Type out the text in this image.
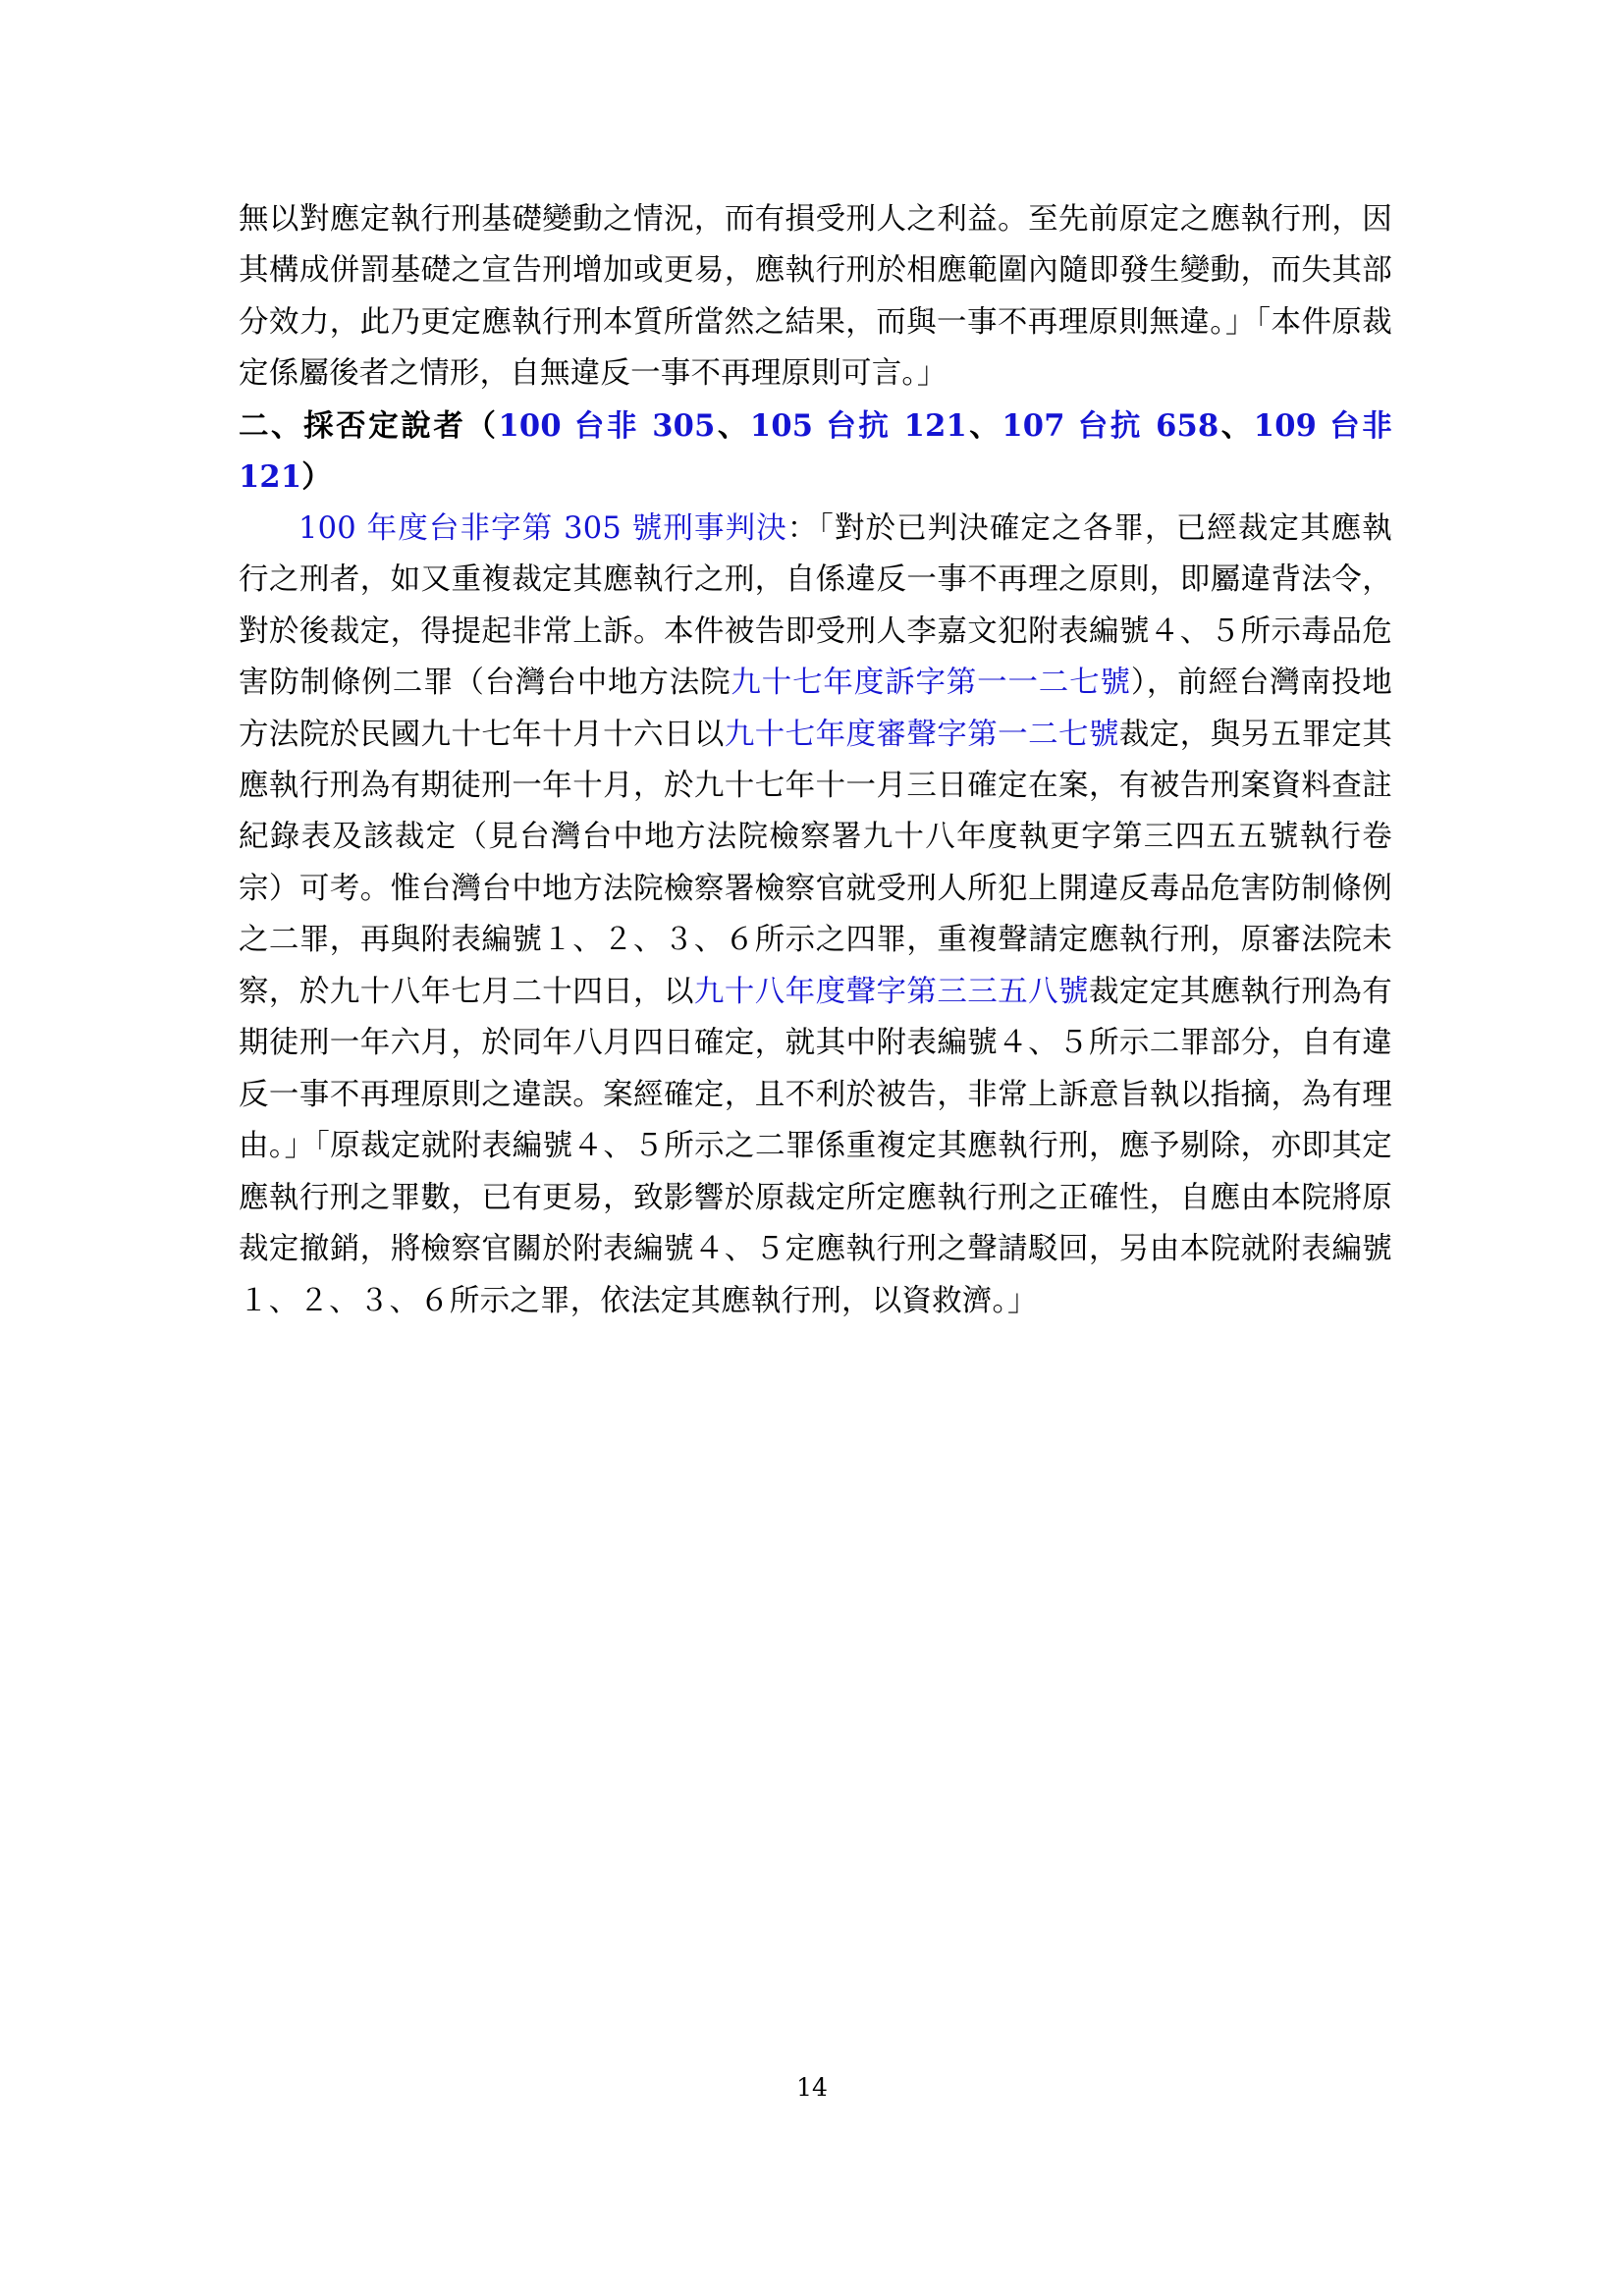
無以對應定執行刑基礎變動之情況，而有損受刑人之利益。至先前原定之應執行刑，因其構成併罰基礎之宣告刑增加或更易，應執行刑於相應範圍內隨即發生變動，而失其部分效力，此乃更定應執行刑本質所當然之結果，而與一事不再理原則無違。」「本件原裁定係屬後者之情形，自無違反一事不再理原則可言。」

二、採否定說者（100 台非 305、105 台抗 121、107 台抗 658、109 台非 121）

100 年度台非字第 305 號刑事判決：「對於已判決確定之各罪，已經裁定其應執行之刑者，如又重複裁定其應執行之刑，自係違反一事不再理之原則，即屬違背法令，對於後裁定，得提起非常上訴。本件被告即受刑人李嘉文犯附表編號４、５所示毒品危害防制條例二罪（台灣台中地方法院九十七年度訴字第一一二七號），前經台灣南投地方法院於民國九十七年十月十六日以九十七年度審聲字第一二七號裁定，與另五罪定其應執行刑為有期徒刑一年十月，於九十七年十一月三日確定在案，有被告刑案資料查註紀錄表及該裁定（見台灣台中地方法院檢察署九十八年度執更字第三四五五號執行卷宗）可考。惟台灣台中地方法院檢察署檢察官就受刑人所犯上開違反毒品危害防制條例之二罪，再與附表編號１、２、３、６所示之四罪，重複聲請定應執行刑，原審法院未察，於九十八年七月二十四日，以九十八年度聲字第三三五八號裁定定其應執行刑為有期徒刑一年六月，於同年八月四日確定，就其中附表編號４、５所示二罪部分，自有違反一事不再理原則之違誤。案經確定，且不利於被告，非常上訴意旨執以指摘，為有理由。」「原裁定就附表編號４、５所示之二罪係重複定其應執行刑，應予剔除，亦即其定應執行刑之罪數，已有更易，致影響於原裁定所定應執行刑之正確性，自應由本院將原裁定撤銷，將檢察官關於附表編號４、５定應執行刑之聲請駁回，另由本院就附表編號１、２、３、６所示之罪，依法定其應執行刑，以資救濟。」

14
